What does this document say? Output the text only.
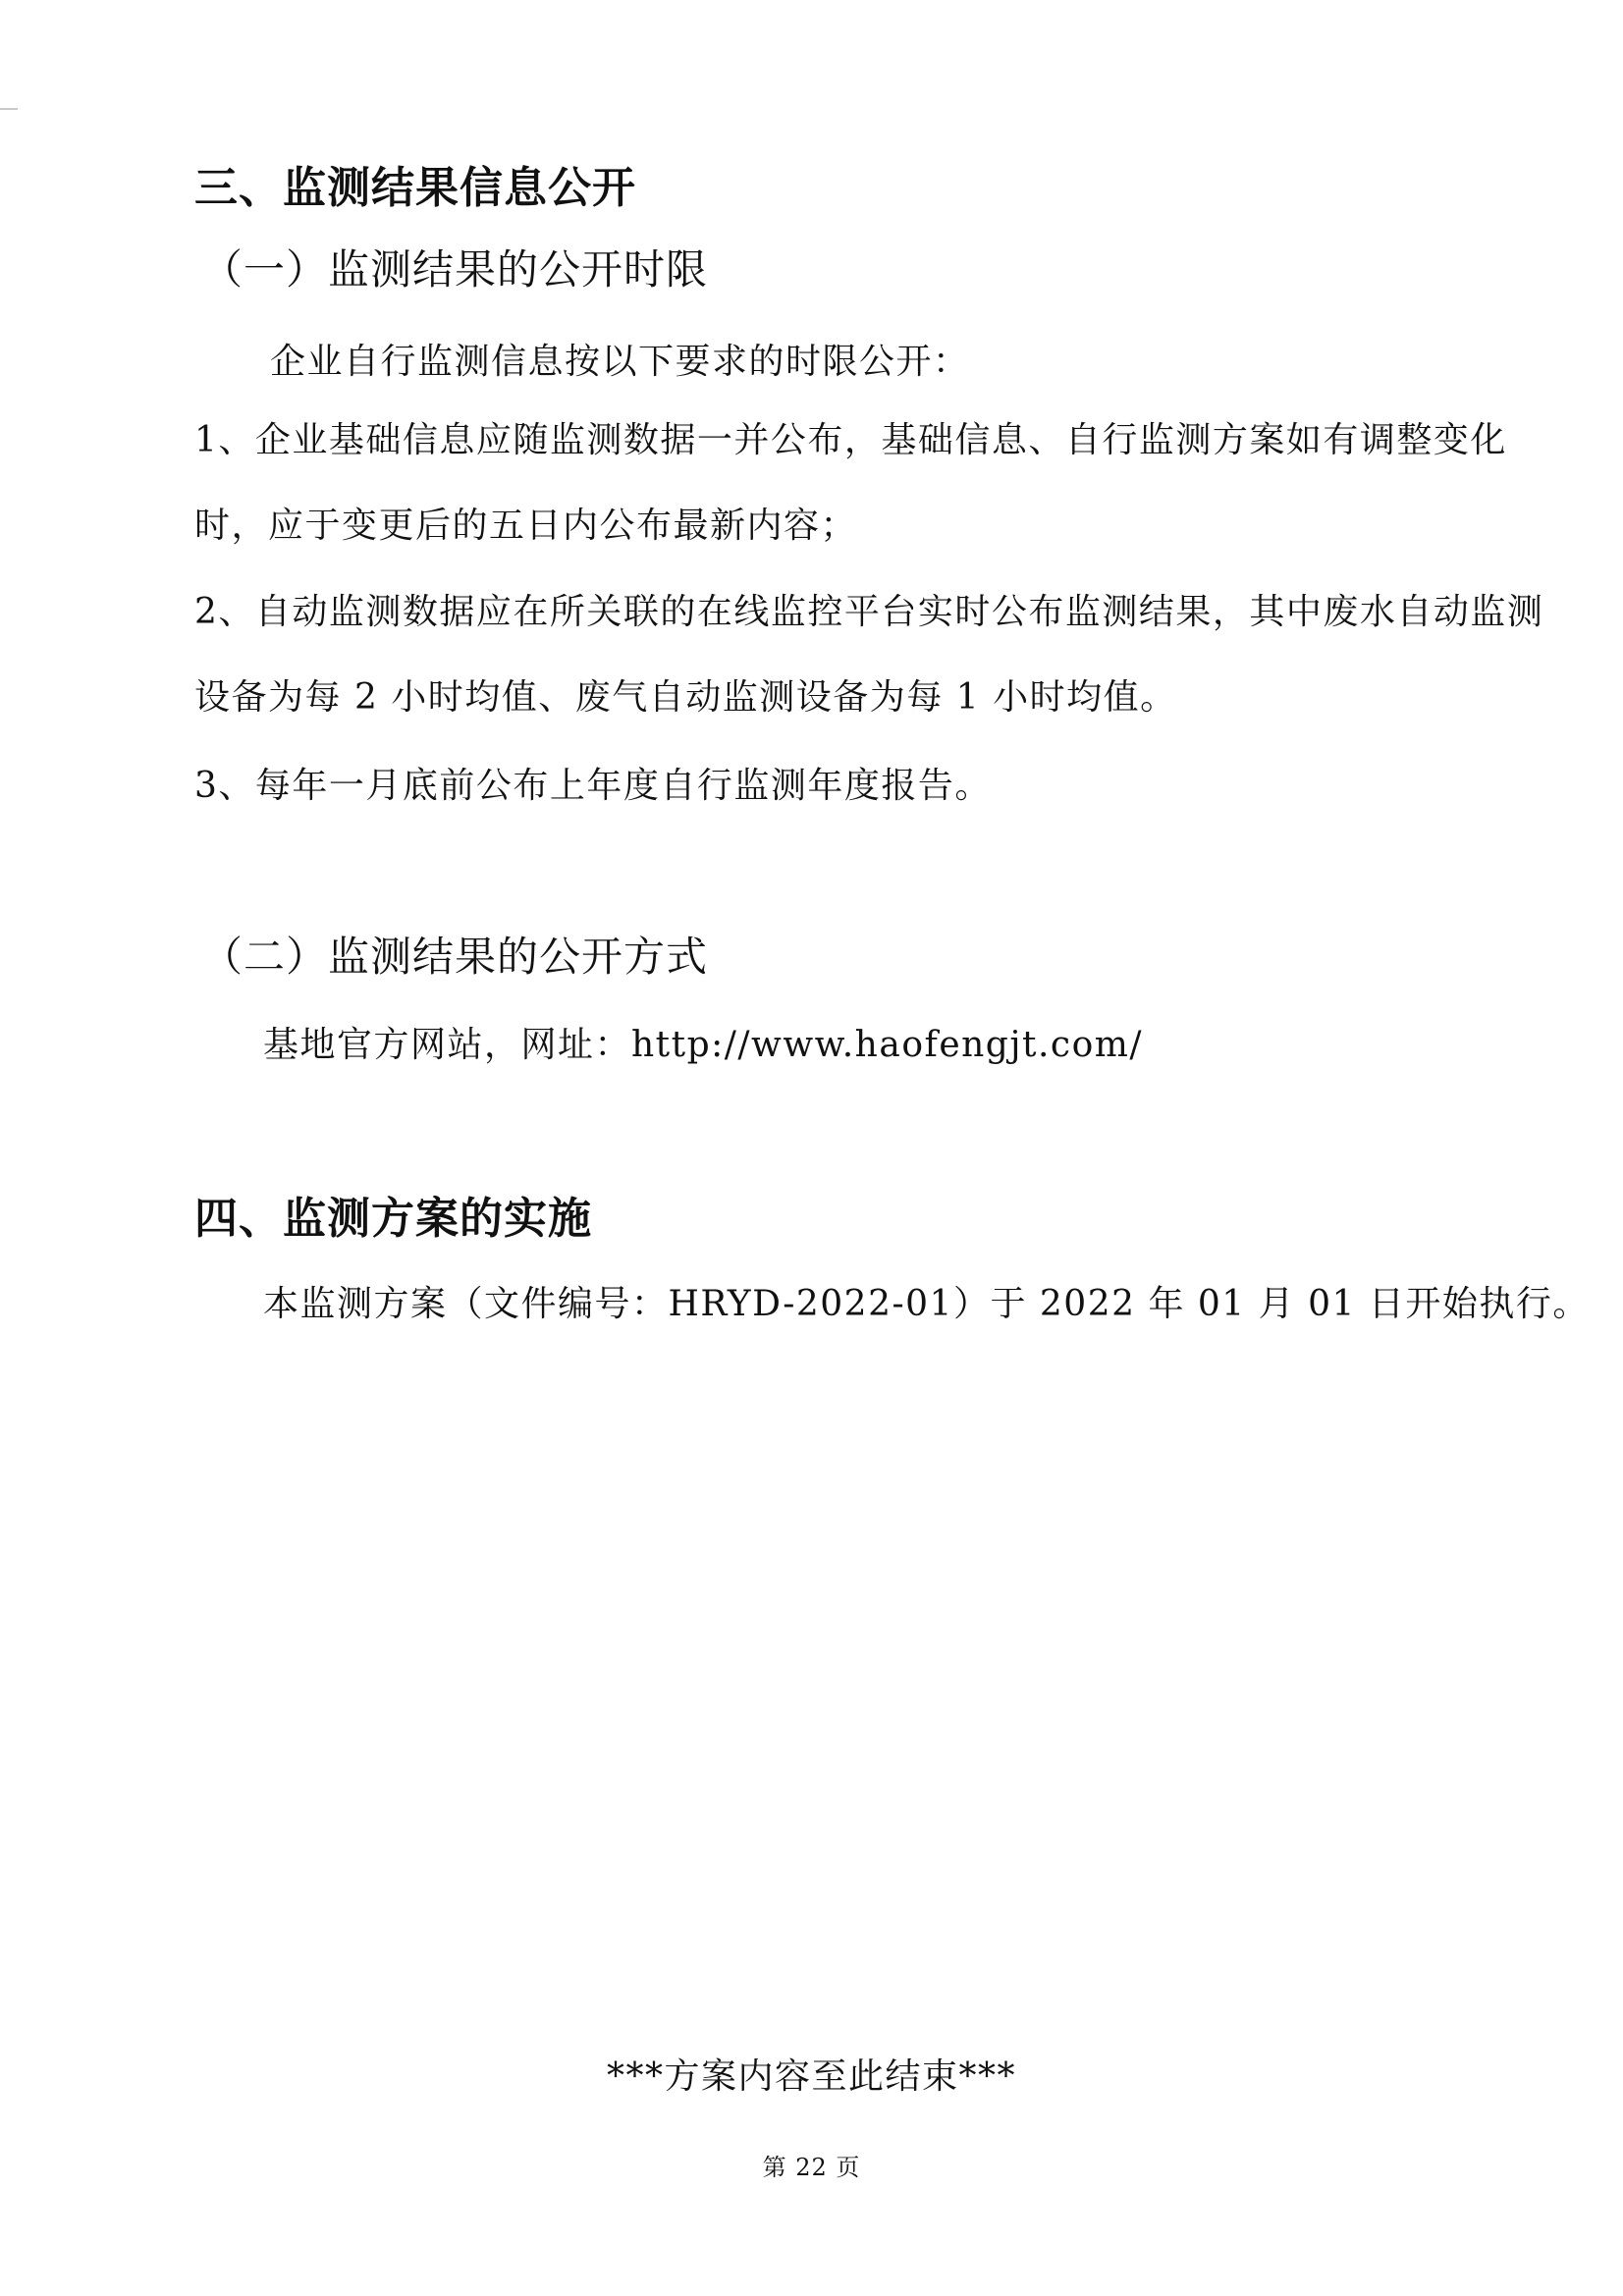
三、监测结果信息公开
（一）监测结果的公开时限
企业自行监测信息按以下要求的时限公开：
1、企业基础信息应随监测数据一并公布，基础信息、自行监测方案如有调整变化时，应于变更后的五日内公布最新内容；
2、自动监测数据应在所关联的在线监控平台实时公布监测结果，其中废水自动监测设备为每 2 小时均值、废气自动监测设备为每 1 小时均值。
3、每年一月底前公布上年度自行监测年度报告。
（二）监测结果的公开方式
基地官方网站，网址：http://www.haofengjt.com/
四、监测方案的实施
本监测方案（文件编号：HRYD-2022-01）于 2022 年 01 月 01 日开始执行。
***方案内容至此结束***
第 22 页
